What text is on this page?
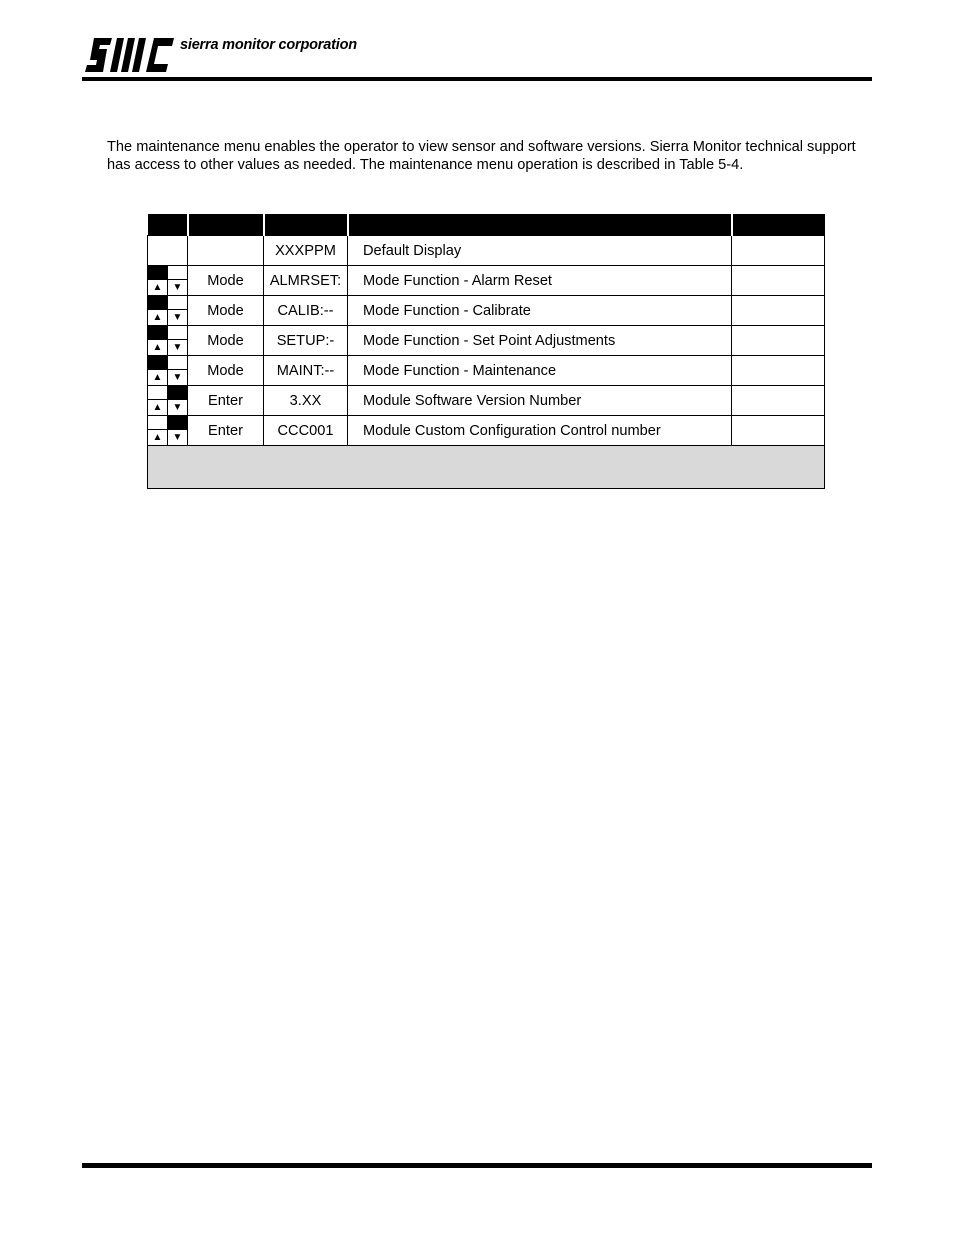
sierra monitor corporation

The maintenance menu enables the operator to view sensor and software versions. Sierra Monitor technical support has access to other values as needed. The maintenance menu operation is described in Table 5-4.

		XXXPPM	Default Display	

▲ ▼	Mode	ALMRSET:	Mode Function - Alarm Reset	

▲ ▼	Mode	CALIB:--	Mode Function - Calibrate	

▲ ▼	Mode	SETUP:-	Mode Function - Set Point Adjustments	

▲ ▼	Mode	MAINT:--	Mode Function - Maintenance	

▲ ▼	Enter	3.XX	Module Software Version Number	

▲ ▼	Enter	CCC001	Module Custom Configuration Control number	
